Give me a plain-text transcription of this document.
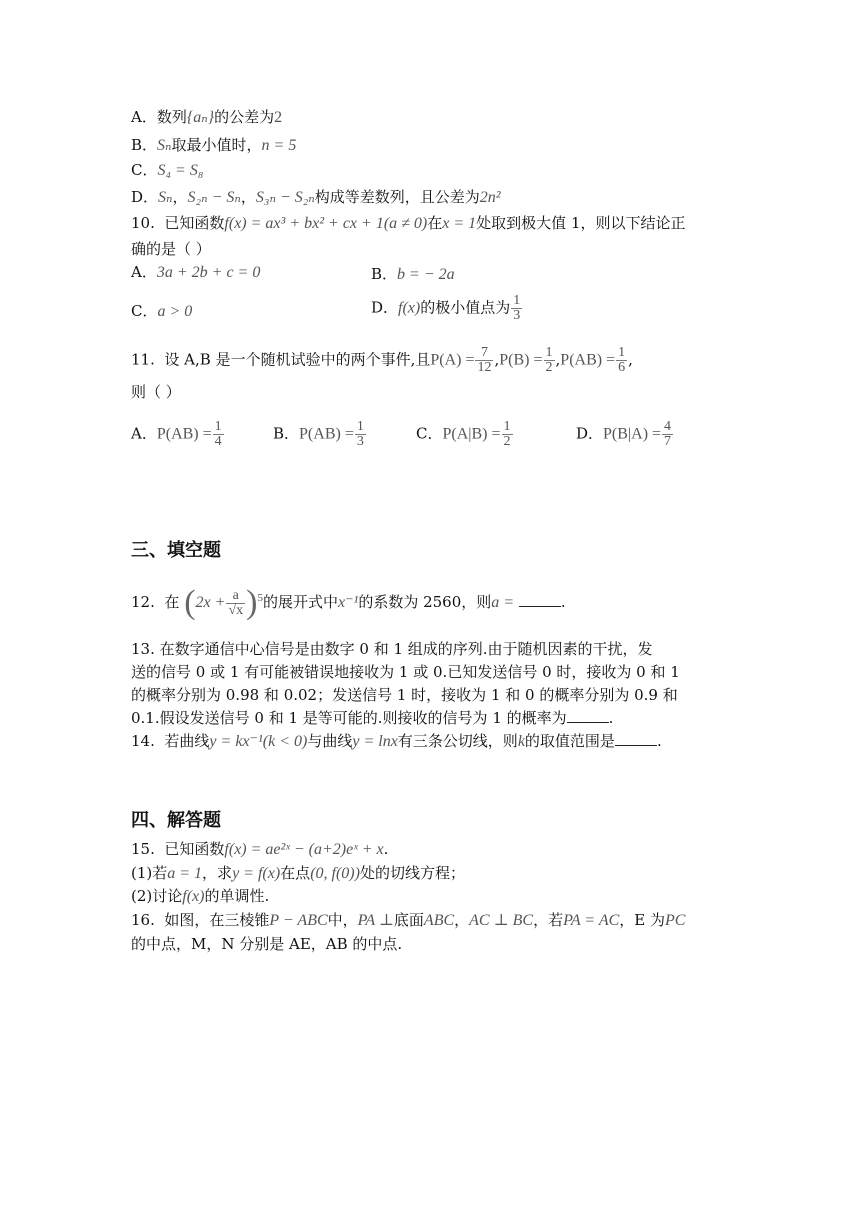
A．数列{aₙ}的公差为2
B．Sₙ取最小值时，n = 5
C．S₄ = S₈
D．Sₙ，S₂ₙ − Sₙ，S₃ₙ − S₂ₙ构成等差数列，且公差为2n²
10. 已知函数f(x) = ax³ + bx² + cx + 1(a ≠ 0)在x = 1处取到极大值 1，则以下结论正
确的是（ ）
A．3a + 2b + c = 0	B．b = − 2a
C．a > 0	D．f(x)的极小值点为 $\frac{1}{3}$
11. 设 A,B 是一个随机试验中的两个事件,且$P(A) = \frac{7}{12} ,P(B) = \frac{1}{2} ,P(AB) = \frac{1}{6}$ ,
则（ ）
A．$P(AB) = \frac{1}{4}$	B．$P(AB) = \frac{1}{3}$	C．$P(A|B) = \frac{1}{2}$	D．$P(B|A) = \frac{4}{7}$
三、填空题
12. 在 $(2x + \frac{a}{√x} )^5$的展开式中x⁻¹的系数为 2560，则a =	.
13. 在数字通信中心信号是由数字 0 和 1 组成的序列.由于随机因素的干扰，发
送的信号 0 或 1 有可能被错误地接收为 1 或 0.已知发送信号 0 时，接收为 0 和 1
的概率分别为 0.98 和 0.02；发送信号 1 时，接收为 1 和 0 的概率分别为 0.9 和
0.1.假设发送信号 0 和 1 是等可能的.则接收的信号为 1 的概率为	.
14. 若曲线y = kx⁻¹(k < 0)与曲线y = lnx有三条公切线，则k的取值范围是	.
四、解答题
15. 已知函数f(x) = ae²ˣ − (a+2)eˣ + x.
(1)若a = 1，求y = f(x)在点(0, f(0))处的切线方程；
(2)讨论f(x)的单调性.
16. 如图，在三棱锥P − ABC中，PA ⊥底面ABC，AC ⊥ BC，若PA = AC，E 为PC
的中点，M，N 分别是 AE，AB 的中点.
